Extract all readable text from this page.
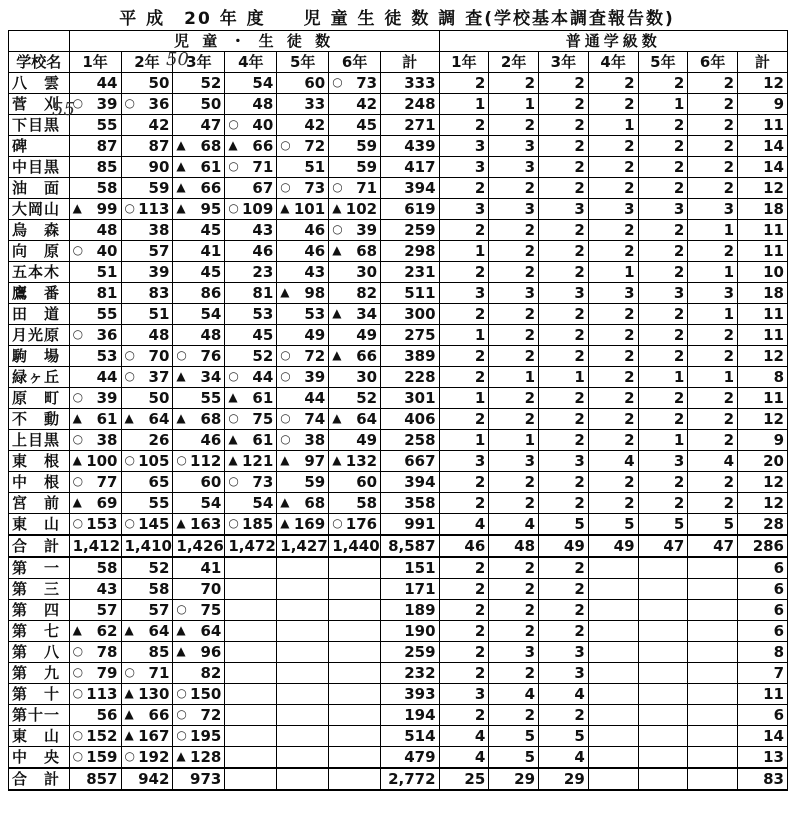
平 成　20 年 度　　児 童 生 徒 数 調 査(学校基本調査報告数)
	児 童 ・ 生 徒 数							普通学級数						
学校名	1年	2年	3年	4年	5年	6年	計	1年	2年	3年	4年	5年	6年	計
八　雲	44	50	52	54	60	○ 73	333	2	2	2	2	2	2	12
菅　刈	○ 39	○ 36	50	48	33	42	248	1	1	2	2	1	2	9
下目黒	55	42	47	○ 40	42	45	271	2	2	2	1	2	2	11
碑	87	87	▲ 68	▲ 66	○ 72	59	439	3	3	2	2	2	2	14
中目黒	85	90	▲ 61	○ 71	51	59	417	3	3	2	2	2	2	14
油　面	58	59	▲ 66	67	○ 73	○ 71	394	2	2	2	2	2	2	12
大岡山	▲ 99	○ 113	▲ 95	○ 109	▲ 101	▲ 102	619	3	3	3	3	3	3	18
烏　森	48	38	45	43	46	○ 39	259	2	2	2	2	2	1	11
向　原	○ 40	57	41	46	46	▲ 68	298	1	2	2	2	2	2	11
五本木	51	39	45	23	43	30	231	2	2	2	1	2	1	10
鷹　番	81	83	86	81	▲ 98	82	511	3	3	3	3	3	3	18
田　道	55	51	54	53	53	▲ 34	300	2	2	2	2	2	1	11
月光原	○ 36	48	48	45	49	49	275	1	2	2	2	2	2	11
駒　場	53	○ 70	○ 76	52	○ 72	▲ 66	389	2	2	2	2	2	2	12
緑ヶ丘	44	○ 37	▲ 34	○ 44	○ 39	30	228	2	1	1	2	1	1	8
原　町	○ 39	50	55	▲ 61	44	52	301	1	2	2	2	2	2	11
不　動	▲ 61	▲ 64	▲ 68	○ 75	○ 74	▲ 64	406	2	2	2	2	2	2	12
上目黒	○ 38	26	46	▲ 61	○ 38	49	258	1	1	2	2	1	2	9
東　根	▲ 100	○ 105	○ 112	▲ 121	▲ 97	▲ 132	667	3	3	3	4	3	4	20
中　根	○ 77	65	60	○ 73	59	60	394	2	2	2	2	2	2	12
宮　前	▲ 69	55	54	54	▲ 68	58	358	2	2	2	2	2	2	12
東　山	○ 153	○ 145	▲ 163	○ 185	▲ 169	○ 176	991	4	4	5	5	5	5	28
合　計	1,412	1,410	1,426	1,472	1,427	1,440	8,587	46	48	49	49	47	47	286
第　一	58	52	41				151	2	2	2				6
第　三	43	58	70				171	2	2	2				6
第　四	57	57	○ 75				189	2	2	2				6
第　七	▲ 62	▲ 64	▲ 64				190	2	2	2				6
第　八	○ 78	85	▲ 96				259	2	3	3				8
第　九	○ 79	○ 71	82				232	2	2	3				7
第　十	○ 113	▲ 130	○ 150				393	3	4	4				11
第十一	56	▲ 66	○ 72				194	2	2	2				6
東　山	○ 152	▲ 167	○ 195				514	4	5	5				14
中　央	○ 159	○ 192	▲ 128				479	4	5	4				13
合　計	857	942	973				2,772	25	29	29				83
50
55
